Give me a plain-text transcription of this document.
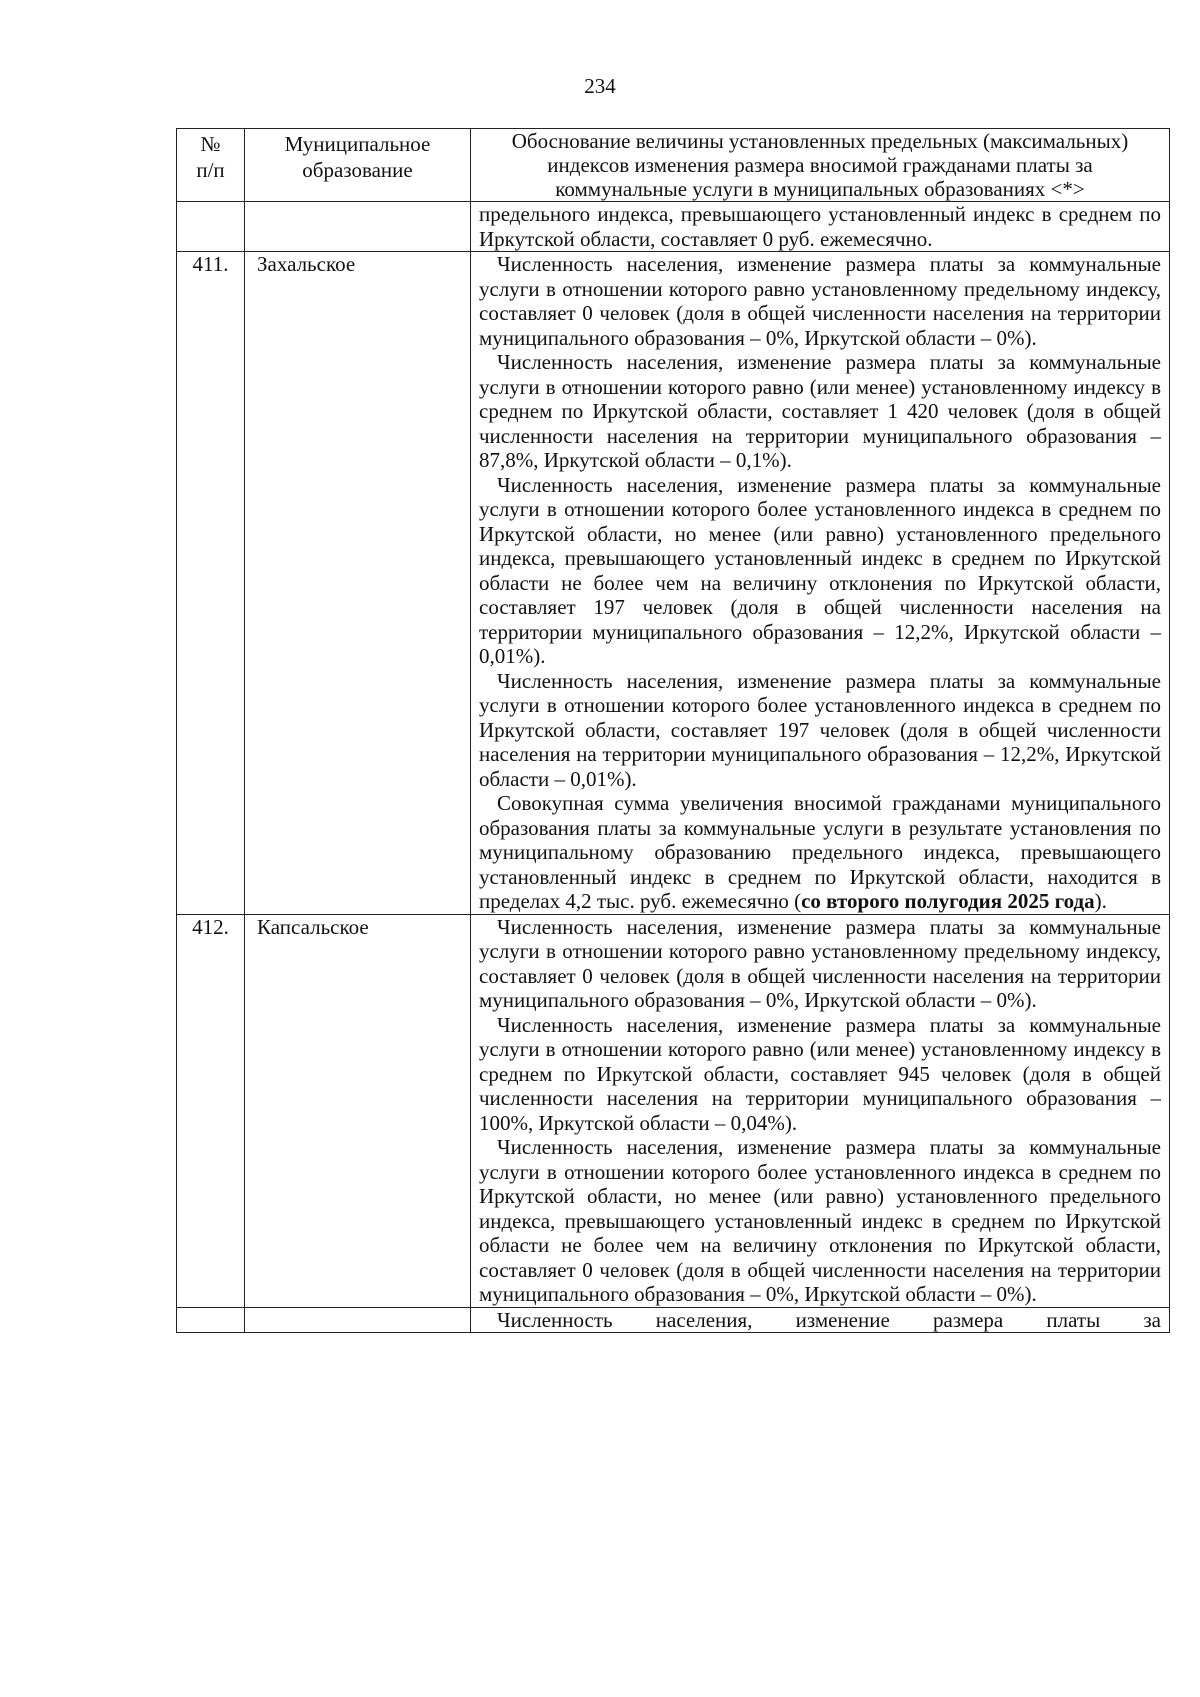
234
№
п/п	Муниципальное образование	Обоснование величины установленных предельных (максимальных) индексов изменения размера вносимой гражданами платы за коммунальные услуги в муниципальных образованиях <*>

		предельного индекса, превышающего установленный индекс в среднем по Иркутской области, составляет 0 руб. ежемесячно.

411.	Захальское	Численность населения, изменение размера платы за коммунальные услуги в отношении которого равно установленному предельному индексу, составляет 0 человек (доля в общей численности населения на территории муниципального образования – 0%, Иркутской области – 0%).

Численность населения, изменение размера платы за коммунальные услуги в отношении которого равно (или менее) установленному индексу в среднем по Иркутской области, составляет 1 420 человек (доля в общей численности населения на территории муниципального образования – 87,8%, Иркутской области – 0,1%).

Численность населения, изменение размера платы за коммунальные услуги в отношении которого более установленного индекса в среднем по Иркутской области, но менее (или равно) установленного предельного индекса, превышающего установленный индекс в среднем по Иркутской области не более чем на величину отклонения по Иркутской области, составляет 197 человек (доля в общей численности населения на территории муниципального образования – 12,2%, Иркутской области – 0,01%).

Численность населения, изменение размера платы за коммунальные услуги в отношении которого более установленного индекса в среднем по Иркутской области, составляет 197 человек (доля в общей численности населения на территории муниципального образования – 12,2%, Иркутской области – 0,01%).

Совокупная сумма увеличения вносимой гражданами муниципального образования платы за коммунальные услуги в результате установления по муниципальному образованию предельного индекса, превышающего установленный индекс в среднем по Иркутской области, находится в пределах 4,2 тыс. руб. ежемесячно (со второго полугодия 2025 года).

412.	Капсальское	Численность населения, изменение размера платы за коммунальные услуги в отношении которого равно установленному предельному индексу, составляет 0 человек (доля в общей численности населения на территории муниципального образования – 0%, Иркутской области – 0%).

Численность населения, изменение размера платы за коммунальные услуги в отношении которого равно (или менее) установленному индексу в среднем по Иркутской области, составляет 945 человек (доля в общей численности населения на территории муниципального образования – 100%, Иркутской области – 0,04%).

Численность населения, изменение размера платы за коммунальные услуги в отношении которого более установленного индекса в среднем по Иркутской области, но менее (или равно) установленного предельного индекса, превышающего установленный индекс в среднем по Иркутской области не более чем на величину отклонения по Иркутской области, составляет 0 человек (доля в общей численности населения на территории муниципального образования – 0%, Иркутской области – 0%).

		Численность населения, изменение размера платы за
